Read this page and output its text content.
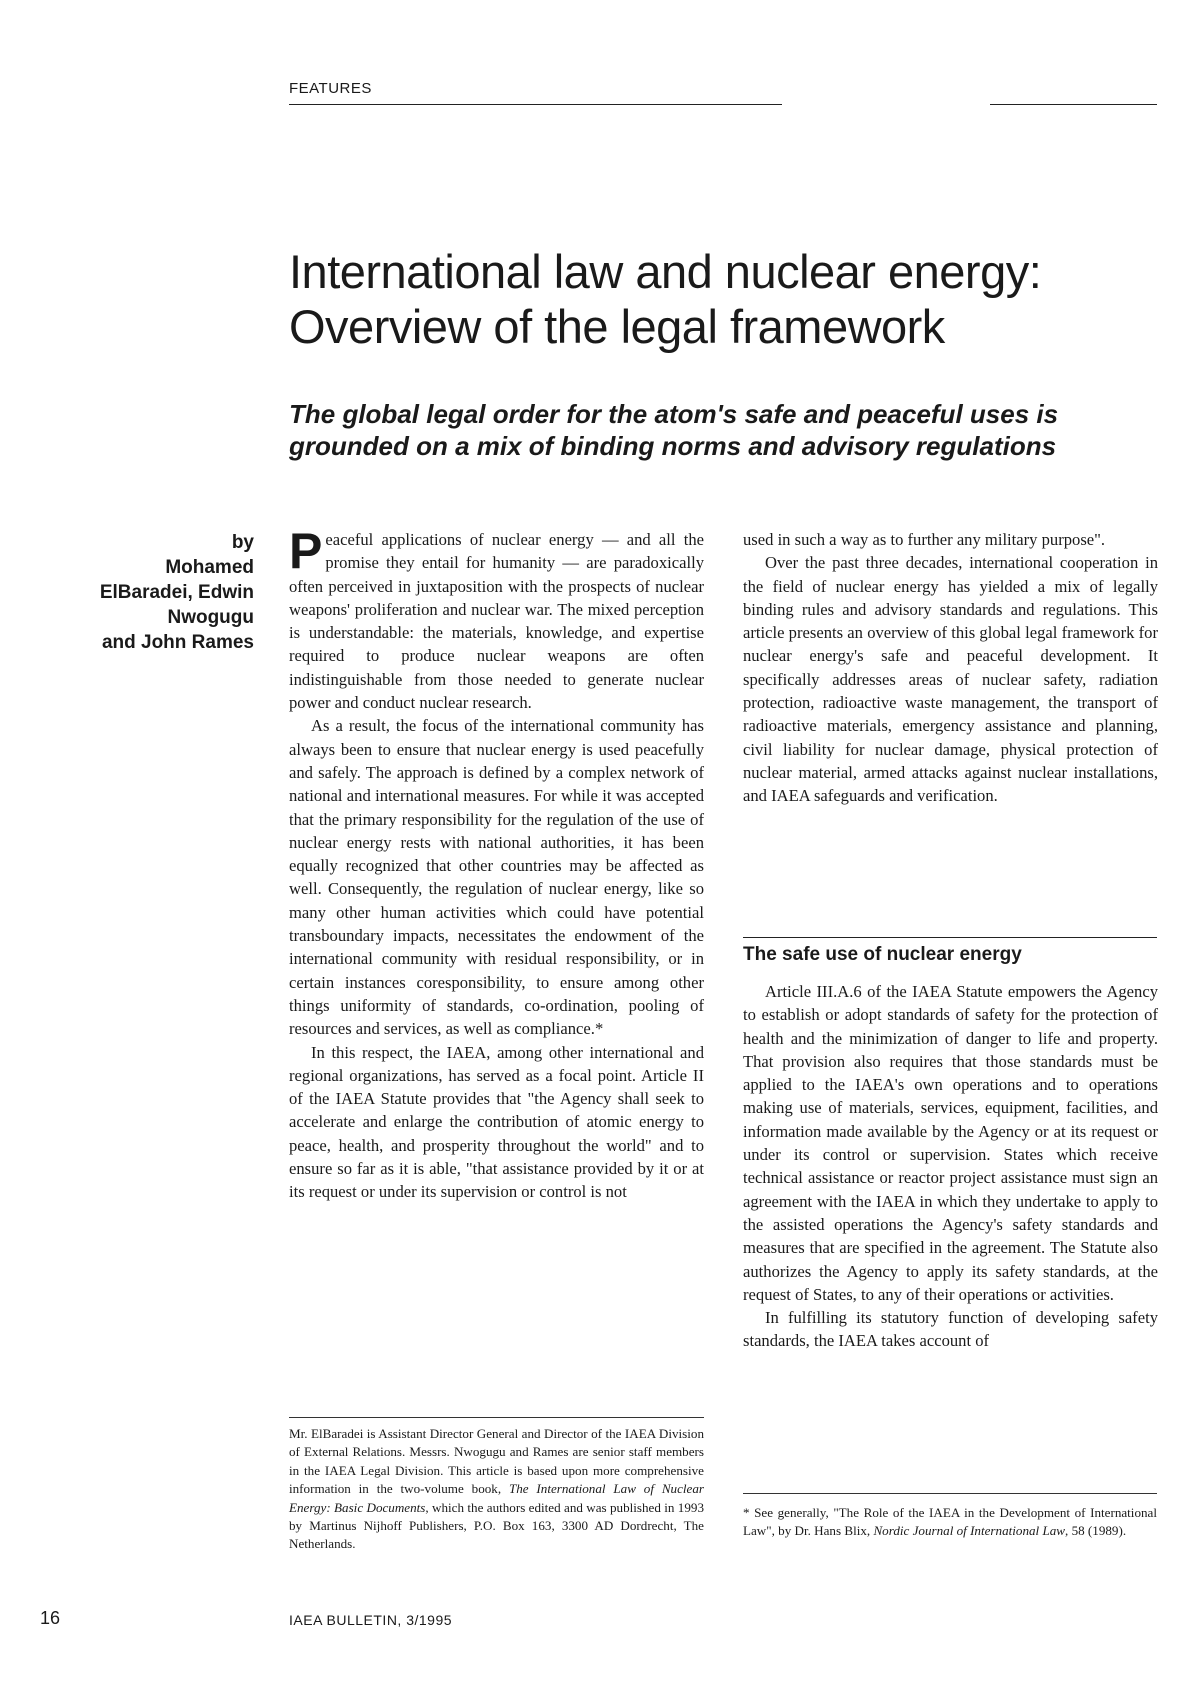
FEATURES
International law and nuclear energy:
Overview of the legal framework
The global legal order for the atom's safe and peaceful uses is
grounded on a mix of binding norms and advisory regulations
by
Mohamed
ElBaradei, Edwin
Nwogugu
and John Rames

Peaceful applications of nuclear energy — and all the promise they entail for humanity — are paradoxically often perceived in juxtaposition with the prospects of nuclear weapons' proliferation and nuclear war. The mixed perception is understandable: the materials, knowledge, and expertise required to produce nuclear weapons are often indistinguishable from those needed to generate nuclear power and conduct nuclear research.

As a result, the focus of the international community has always been to ensure that nuclear energy is used peacefully and safely. The approach is defined by a complex network of national and international measures. For while it was accepted that the primary responsibility for the regulation of the use of nuclear energy rests with national authorities, it has been equally recognized that other countries may be affected as well. Consequently, the regulation of nuclear energy, like so many other human activities which could have potential transboundary impacts, necessitates the endowment of the international community with residual responsibility, or in certain instances coresponsibility, to ensure among other things uniformity of standards, co-ordination, pooling of resources and services, as well as compliance.*

In this respect, the IAEA, among other international and regional organizations, has served as a focal point. Article II of the IAEA Statute provides that "the Agency shall seek to accelerate and enlarge the contribution of atomic energy to peace, health, and prosperity throughout the world" and to ensure so far as it is able, "that assistance provided by it or at its request or under its supervision or control is not

used in such a way as to further any military purpose".

Over the past three decades, international cooperation in the field of nuclear energy has yielded a mix of legally binding rules and advisory standards and regulations. This article presents an overview of this global legal framework for nuclear energy's safe and peaceful development. It specifically addresses areas of nuclear safety, radiation protection, radioactive waste management, the transport of radioactive materials, emergency assistance and planning, civil liability for nuclear damage, physical protection of nuclear material, armed attacks against nuclear installations, and IAEA safeguards and verification.

The safe use of nuclear energy

Article III.A.6 of the IAEA Statute empowers the Agency to establish or adopt standards of safety for the protection of health and the minimization of danger to life and property. That provision also requires that those standards must be applied to the IAEA's own operations and to operations making use of materials, services, equipment, facilities, and information made available by the Agency or at its request or under its control or supervision. States which receive technical assistance or reactor project assistance must sign an agreement with the IAEA in which they undertake to apply to the assisted operations the Agency's safety standards and measures that are specified in the agreement. The Statute also authorizes the Agency to apply its safety standards, at the request of States, to any of their operations or activities.

In fulfilling its statutory function of developing safety standards, the IAEA takes account of

Mr. ElBaradei is Assistant Director General and Director of the IAEA Division of External Relations. Messrs. Nwogugu and Rames are senior staff members in the IAEA Legal Division. This article is based upon more comprehensive information in the two-volume book, The International Law of Nuclear Energy: Basic Documents, which the authors edited and was published in 1993 by Martinus Nijhoff Publishers, P.O. Box 163, 3300 AD Dordrecht, The Netherlands.
* See generally, "The Role of the IAEA in the Development of International Law", by Dr. Hans Blix, Nordic Journal of International Law, 58 (1989).
16	IAEA BULLETIN, 3/1995
